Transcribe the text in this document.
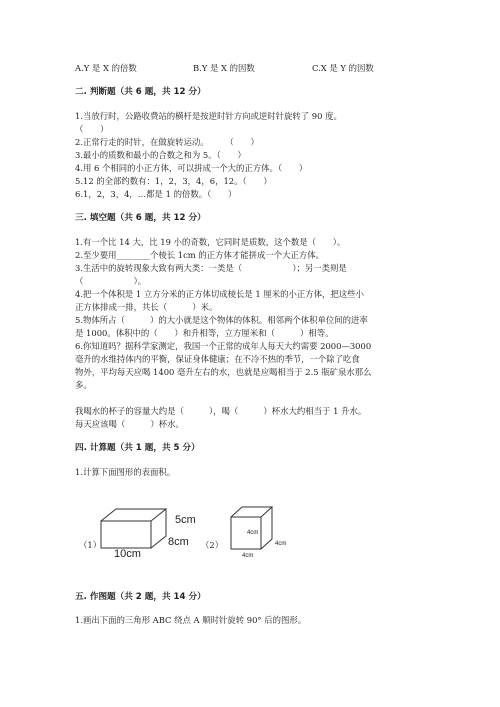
A.Y 是 X 的倍数	B.Y 是 X 的因数	C.X 是 Y 的因数
二. 判断题（共 6 题，共 12 分）
1.当放行时，公路收费站的横杆是按逆时针方向或逆时针旋转了 90 度。
（　　）
2.正常行走的时针，在做旋转运动。　　　（　　）
3.最小的质数和最小的合数之和为 5。（　　）
4.用 6 个相同的小正方体，可以拼成一个大的正方体。（　　）
5.12 的全部约数有：1，2，3，4，6，12。（　　）
6.1，2，3，4，…都是 1 的倍数。（　　）
三. 填空题（共 6 题，共 12 分）
1.有一个比 14 大，比 19 小的奇数，它同时是质数，这个数是（　　）。
2.至少要用________个棱长 1cm 的正方体才能拼成一个大正方体。
3.生活中的旋转现象大致有两大类：一类是（　　　　　　）；另一类则是
（　　　　　　）。
4.把一个体积是 1 立方分米的正方体切成棱长是 1 厘米的小正方体，把这些小
正方体排成一排，共长（　　　）米。
5.物体所占（　　　）的大小就是这个物体的体积。相邻两个体积单位间的进率
是 1000。体积中的（　　）和升相等，立方厘米和（　　　）相等。
6.你知道吗？据科学家测定，我国一个正常的成年人每天大约需要 2000—3000
毫升的水维持体内的平衡，保证身体健康；在不冷不热的季节，一个除了吃食
物外，平均每天应喝 1400 毫升左右的水，也就是应喝相当于 2.5 瓶矿泉水那么
多。
我喝水的杯子的容量大约是（　　　），喝（　　　）杯水大约相当于 1 升水。
每天应该喝（　　　）杯水。
四. 计算题（共 1 题，共 5 分）
1.计算下面图形的表面积。
（1）
5cm
8cm
10cm
（2）
4cm
4cm
4cm
五. 作图题（共 2 题，共 14 分）
1.画出下面的三角形 ABC 绕点 A 顺时针旋转 90° 后的图形。
